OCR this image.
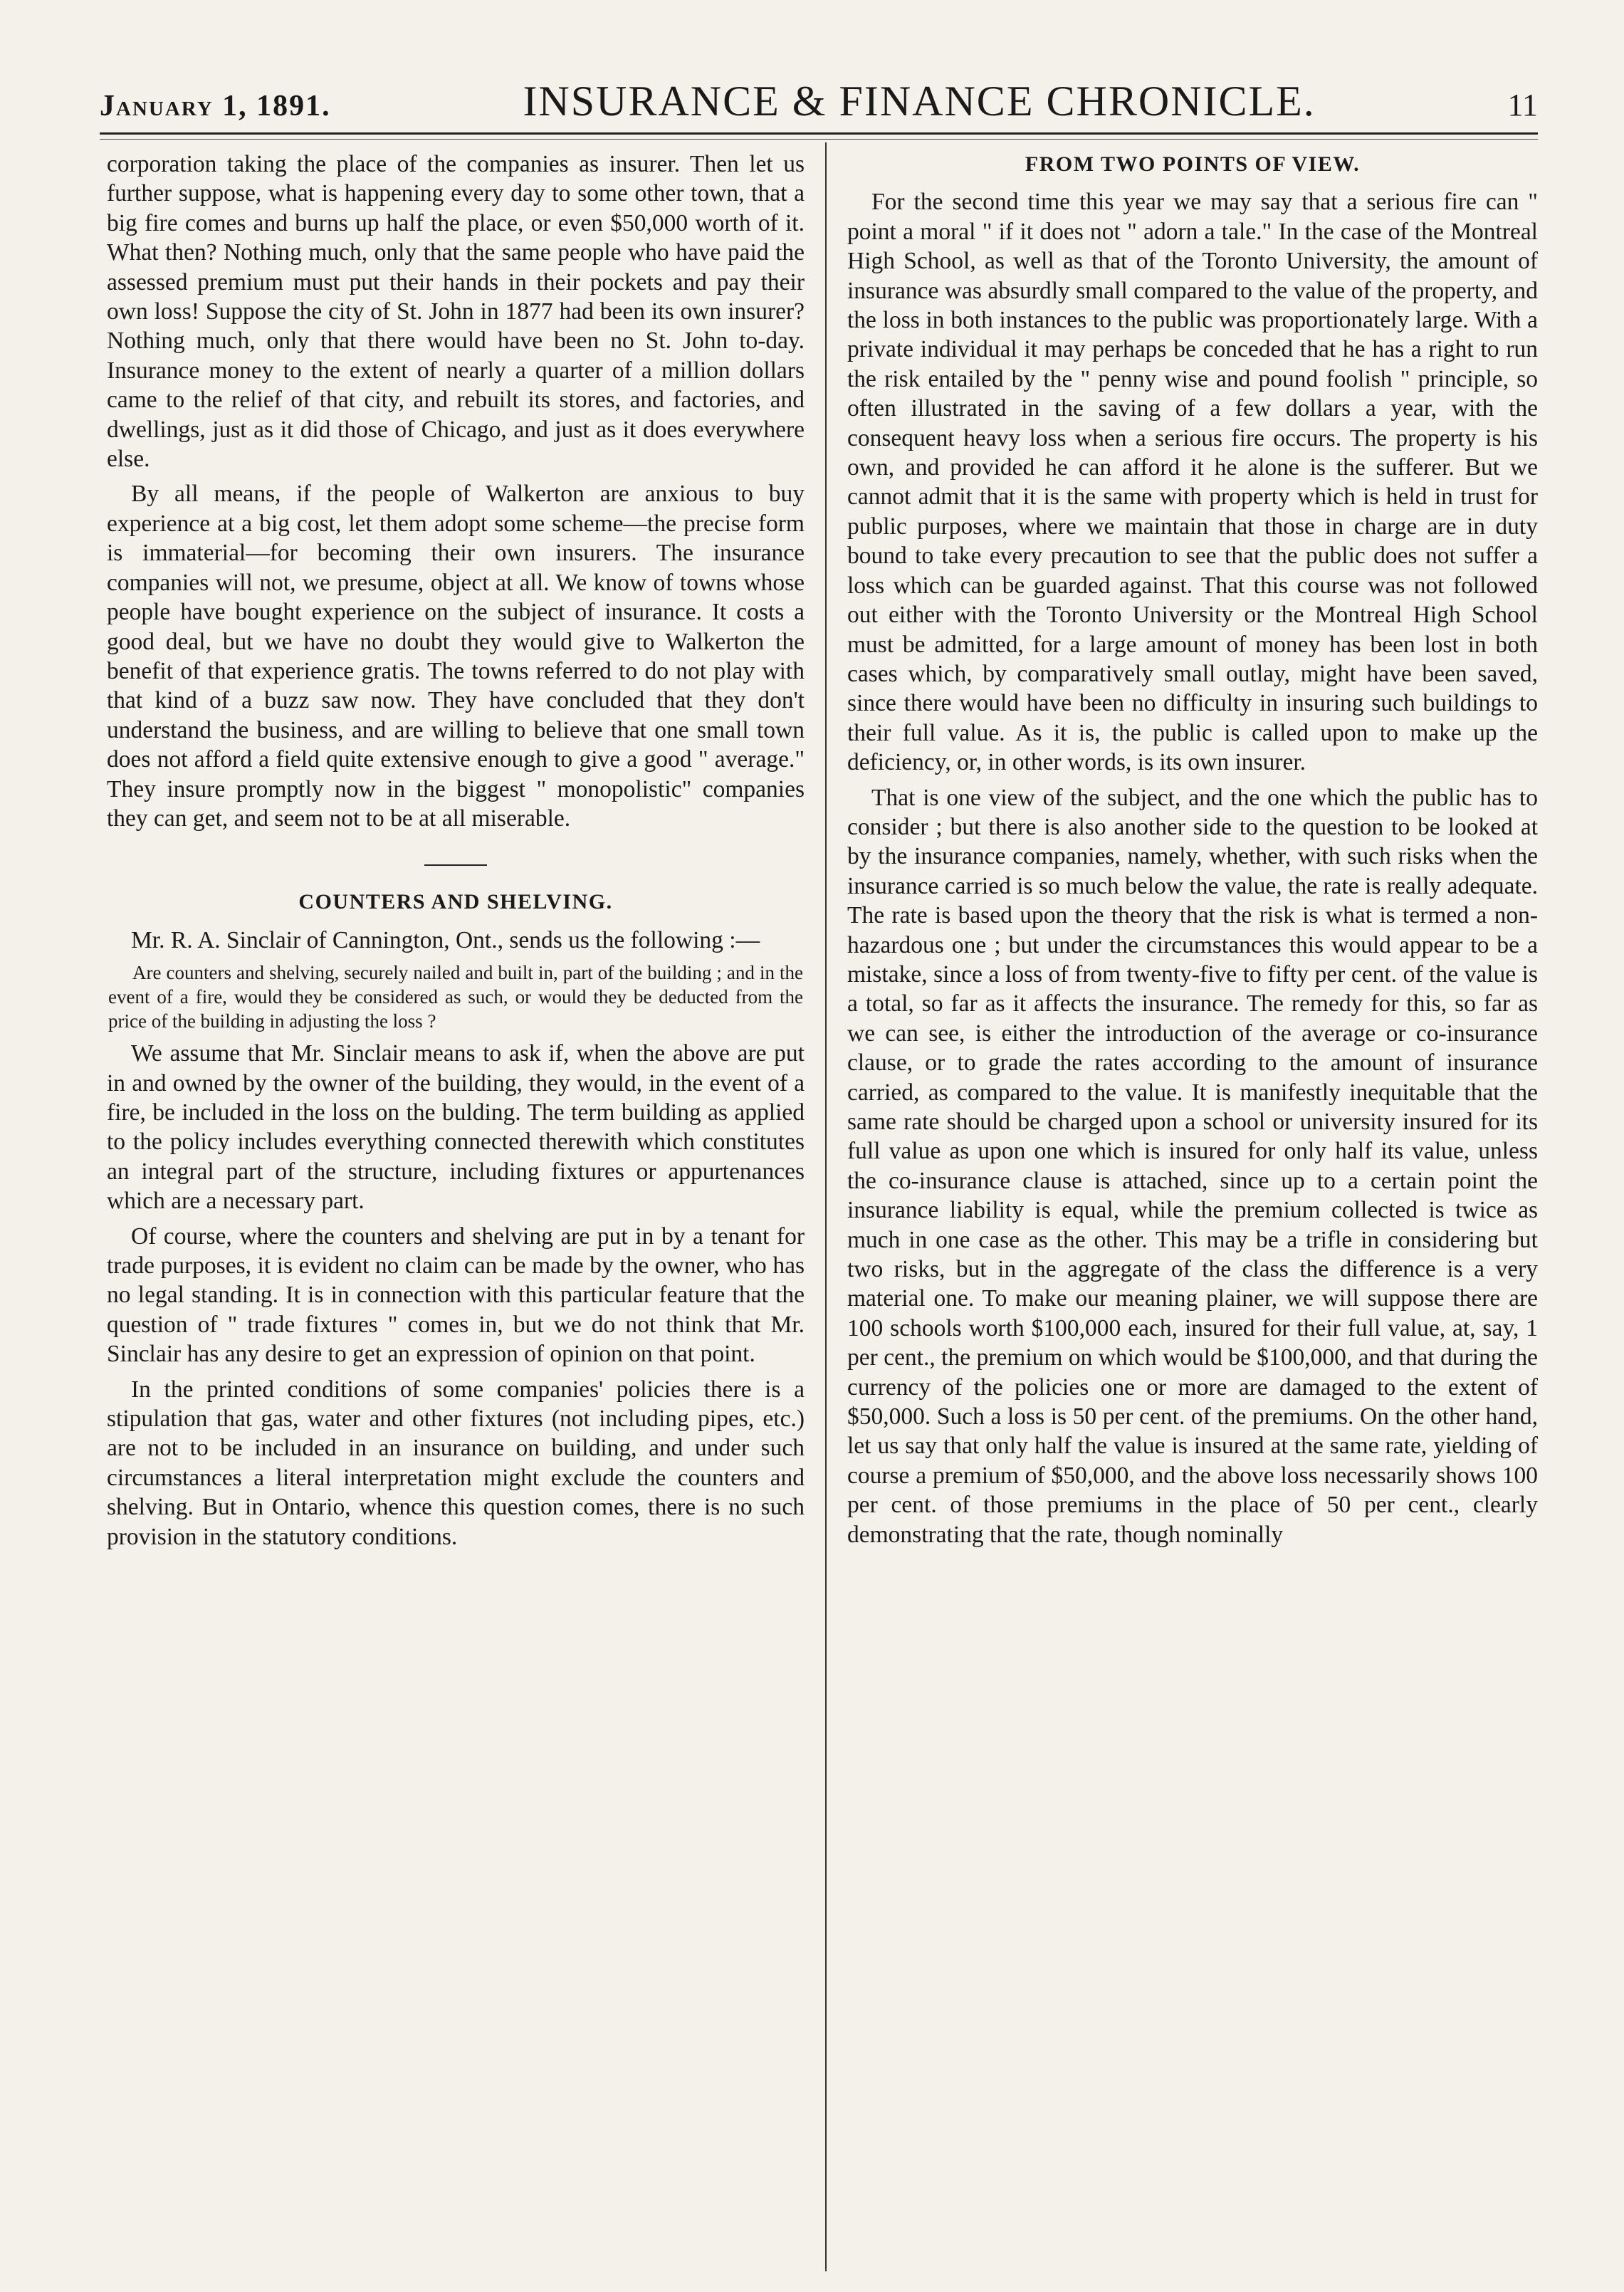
January 1, 1891.	INSURANCE & FINANCE CHRONICLE.	11

corporation taking the place of the companies as insurer. Then let us further suppose, what is happening every day to some other town, that a big fire comes and burns up half the place, or even $50,000 worth of it. What then? Nothing much, only that the same people who have paid the assessed premium must put their hands in their pockets and pay their own loss! Suppose the city of St. John in 1877 had been its own insurer? Nothing much, only that there would have been no St. John to-day. Insurance money to the extent of nearly a quarter of a million dollars came to the relief of that city, and rebuilt its stores, and factories, and dwellings, just as it did those of Chicago, and just as it does everywhere else.

By all means, if the people of Walkerton are anxious to buy experience at a big cost, let them adopt some scheme—the precise form is immaterial—for becoming their own insurers. The insurance companies will not, we presume, object at all. We know of towns whose people have bought experience on the subject of insurance. It costs a good deal, but we have no doubt they would give to Walkerton the benefit of that experience gratis. The towns referred to do not play with that kind of a buzz saw now. They have concluded that they don't understand the business, and are willing to believe that one small town does not afford a field quite extensive enough to give a good " average." They insure promptly now in the biggest " monopolistic" companies they can get, and seem not to be at all miserable.

COUNTERS AND SHELVING.

Mr. R. A. Sinclair of Cannington, Ont., sends us the following :—

Are counters and shelving, securely nailed and built in, part of the building ; and in the event of a fire, would they be considered as such, or would they be deducted from the price of the building in adjusting the loss ?

We assume that Mr. Sinclair means to ask if, when the above are put in and owned by the owner of the building, they would, in the event of a fire, be included in the loss on the bulding. The term building as applied to the policy includes everything connected therewith which constitutes an integral part of the structure, including fixtures or appurtenances which are a necessary part.

Of course, where the counters and shelving are put in by a tenant for trade purposes, it is evident no claim can be made by the owner, who has no legal standing. It is in connection with this particular feature that the question of " trade fixtures " comes in, but we do not think that Mr. Sinclair has any desire to get an expression of opinion on that point.

In the printed conditions of some companies' policies there is a stipulation that gas, water and other fixtures (not including pipes, etc.) are not to be included in an insurance on building, and under such circumstances a literal interpretation might exclude the counters and shelving. But in Ontario, whence this question comes, there is no such provision in the statutory conditions.

FROM TWO POINTS OF VIEW.

For the second time this year we may say that a serious fire can " point a moral " if it does not " adorn a tale." In the case of the Montreal High School, as well as that of the Toronto University, the amount of insurance was absurdly small compared to the value of the property, and the loss in both instances to the public was proportionately large. With a private individual it may perhaps be conceded that he has a right to run the risk entailed by the " penny wise and pound foolish " principle, so often illustrated in the saving of a few dollars a year, with the consequent heavy loss when a serious fire occurs. The property is his own, and provided he can afford it he alone is the sufferer. But we cannot admit that it is the same with property which is held in trust for public purposes, where we maintain that those in charge are in duty bound to take every precaution to see that the public does not suffer a loss which can be guarded against. That this course was not followed out either with the Toronto University or the Montreal High School must be admitted, for a large amount of money has been lost in both cases which, by comparatively small outlay, might have been saved, since there would have been no difficulty in insuring such buildings to their full value. As it is, the public is called upon to make up the deficiency, or, in other words, is its own insurer.

That is one view of the subject, and the one which the public has to consider ; but there is also another side to the question to be looked at by the insurance companies, namely, whether, with such risks when the insurance carried is so much below the value, the rate is really adequate. The rate is based upon the theory that the risk is what is termed a non-hazardous one ; but under the circumstances this would appear to be a mistake, since a loss of from twenty-five to fifty per cent. of the value is a total, so far as it affects the insurance. The remedy for this, so far as we can see, is either the introduction of the average or co-insurance clause, or to grade the rates according to the amount of insurance carried, as compared to the value. It is manifestly inequitable that the same rate should be charged upon a school or university insured for its full value as upon one which is insured for only half its value, unless the co-insurance clause is attached, since up to a certain point the insurance liability is equal, while the premium collected is twice as much in one case as the other. This may be a trifle in considering but two risks, but in the aggregate of the class the difference is a very material one. To make our meaning plainer, we will suppose there are 100 schools worth $100,000 each, insured for their full value, at, say, 1 per cent., the premium on which would be $100,000, and that during the currency of the policies one or more are damaged to the extent of $50,000. Such a loss is 50 per cent. of the premiums. On the other hand, let us say that only half the value is insured at the same rate, yielding of course a premium of $50,000, and the above loss necessarily shows 100 per cent. of those premiums in the place of 50 per cent., clearly demonstrating that the rate, though nominally
